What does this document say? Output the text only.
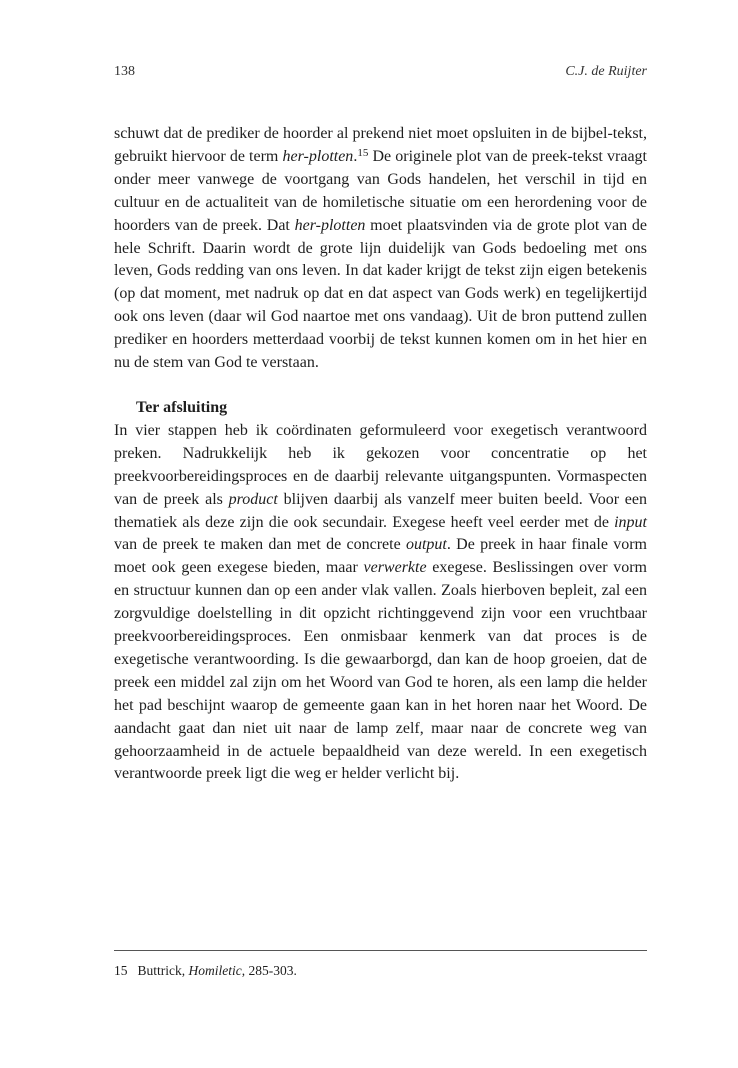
138	C.J. de Ruijter

schuwt dat de prediker de hoorder al prekend niet moet opsluiten in de bijbel-tekst, gebruikt hiervoor de term her-plotten.$^{15}$ De originele plot van de preek-tekst vraagt onder meer vanwege de voortgang van Gods handelen, het verschil in tijd en cultuur en de actualiteit van de homiletische situatie om een herordening voor de hoorders van de preek. Dat her-plotten moet plaatsvinden via de grote plot van de hele Schrift. Daarin wordt de grote lijn duidelijk van Gods bedoeling met ons leven, Gods redding van ons leven. In dat kader krijgt de tekst zijn eigen betekenis (op dat moment, met nadruk op dat en dat aspect van Gods werk) en tegelijkertijd ook ons leven (daar wil God naartoe met ons vandaag). Uit de bron puttend zullen prediker en hoorders metterdaad voorbij de tekst kunnen komen om in het hier en nu de stem van God te verstaan.

Ter afsluiting

In vier stappen heb ik coördinaten geformuleerd voor exegetisch verantwoord preken. Nadrukkelijk heb ik gekozen voor concentratie op het preekvoorbereidingsproces en de daarbij relevante uitgangspunten. Vormaspecten van de preek als product blijven daarbij als vanzelf meer buiten beeld. Voor een thematiek als deze zijn die ook secundair. Exegese heeft veel eerder met de input van de preek te maken dan met de concrete output. De preek in haar finale vorm moet ook geen exegese bieden, maar verwerkte exegese. Beslissingen over vorm en structuur kunnen dan op een ander vlak vallen. Zoals hierboven bepleit, zal een zorgvuldige doelstelling in dit opzicht richtinggevend zijn voor een vruchtbaar preekvoorbereidingsproces. Een onmisbaar kenmerk van dat proces is de exegetische verantwoording. Is die gewaarborgd, dan kan de hoop groeien, dat de preek een middel zal zijn om het Woord van God te horen, als een lamp die helder het pad beschijnt waarop de gemeente gaan kan in het horen naar het Woord. De aandacht gaat dan niet uit naar de lamp zelf, maar naar de concrete weg van gehoorzaamheid in de actuele bepaaldheid van deze wereld. In een exegetisch verantwoorde preek ligt die weg er helder verlicht bij.

15 Buttrick, Homiletic, 285-303.
